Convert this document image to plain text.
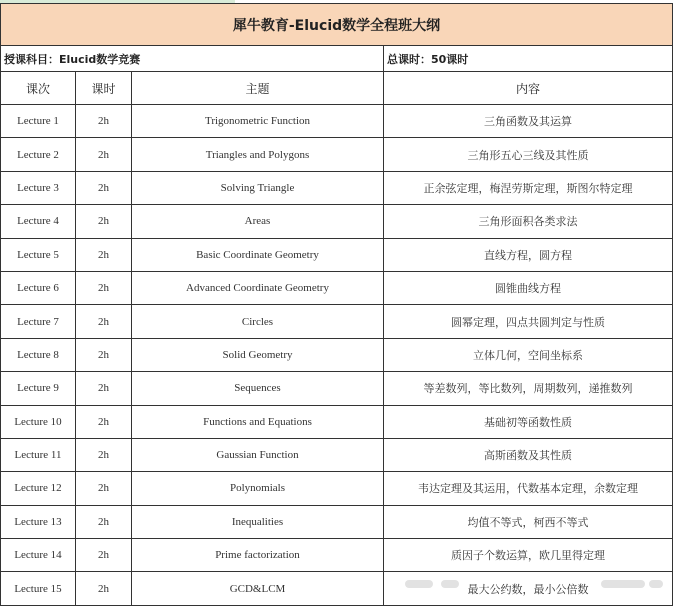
犀牛教育-Elucid数学全程班大纲			
授课科目：Elucid数学竞赛			总课时：50课时
课次	课时	主题	内容
Lecture 1	2h	Trigonometric Function	三角函数及其运算
Lecture 2	2h	Triangles and Polygons	三角形五心三线及其性质
Lecture 3	2h	Solving Triangle	正余弦定理，梅涅劳斯定理，斯图尔特定理
Lecture 4	2h	Areas	三角形面积各类求法
Lecture 5	2h	Basic Coordinate Geometry	直线方程，圆方程
Lecture 6	2h	Advanced Coordinate Geometry	圆锥曲线方程
Lecture 7	2h	Circles	圆幂定理，四点共圆判定与性质
Lecture 8	2h	Solid Geometry	立体几何，空间坐标系
Lecture 9	2h	Sequences	等差数列，等比数列，周期数列，递推数列
Lecture 10	2h	Functions and Equations	基础初等函数性质
Lecture 11	2h	Gaussian Function	高斯函数及其性质
Lecture 12	2h	Polynomials	韦达定理及其运用，代数基本定理，余数定理
Lecture 13	2h	Inequalities	均值不等式，柯西不等式
Lecture 14	2h	Prime factorization	质因子个数运算，欧几里得定理
Lecture 15	2h	GCD&LCM	最大公约数，最小公倍数
